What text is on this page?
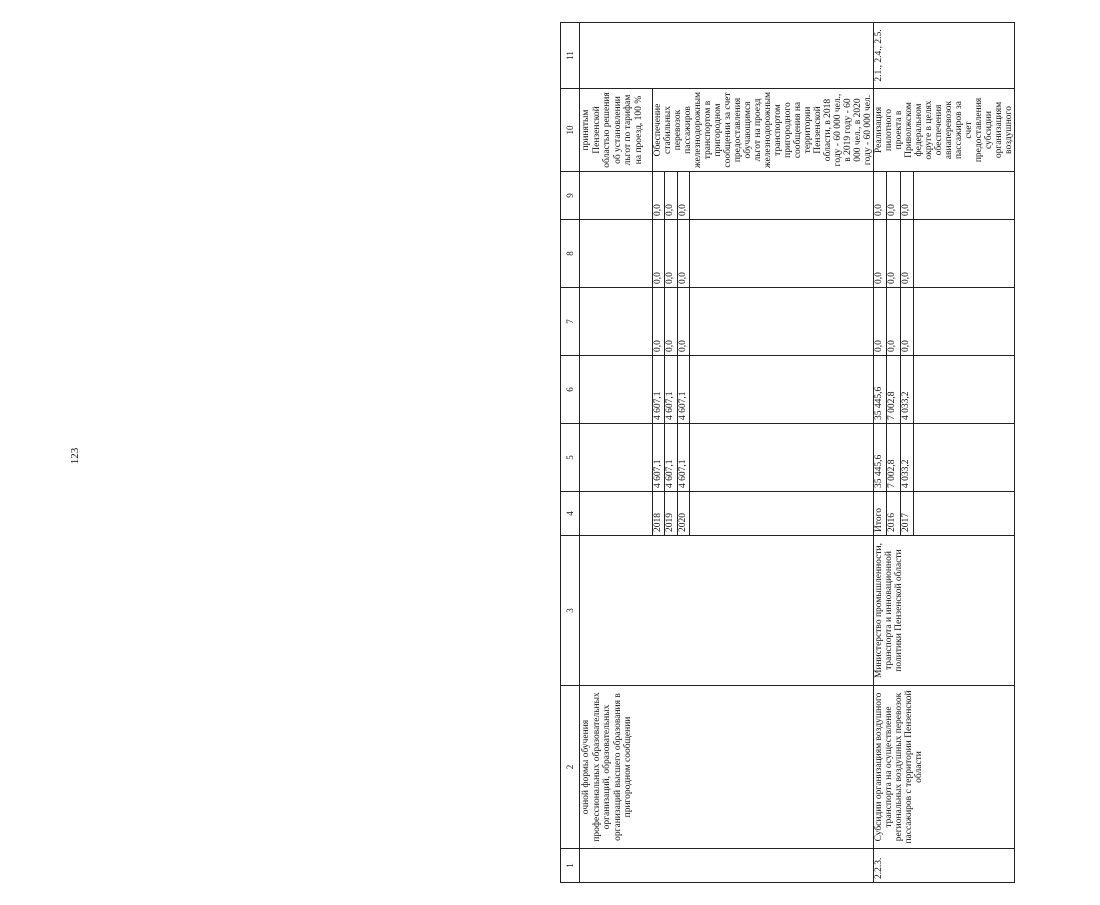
123
1	2	3	4	5	6	7	8	9	10	11
	очной формы обучения профессиональных образовательных организаций, образовательных организаций высшего образования в пригородном сообщении								принятым Пензенской областью решения об установлении льгот по тарифам на проезд, 100 %	
			2018	4 607,1	4 607,1	0,0	0,0	0,0	Обеспечение стабильных перевозок пассажиров железнодорожным транспортом в пригородном сообщении за счет предоставления обучающимся льгот на проезд железнодорожным транспортом пригородного сообщения на территории Пензенской области, в 2018 году - 60 000 чел., в 2019 году - 60 000 чел., в 2020 году - 60 000 чел.	
			2019	4 607,1	4 607,1	0,0	0,0	0,0		
			2020	4 607,1	4 607,1	0,0	0,0	0,0		

2.2.3.	Субсидии организациям воздушного транспорта на осуществление региональных воздушных перевозок пассажиров с территории Пензенской области	Министерство промышленности, транспорта и инновационной политики Пензенской области	Итого	35 445,6	35 445,6	0,0	0,0	0,0	Реализация пилотного проекта в Приволжском федеральном округе в целях обеспечения авиаперевозок пассажиров за счет предоставления субсидии организациям воздушного	2.1., 2.4., 2.5.
			2016	7 002,8	7 002,8	0,0	0,0	0,0		
			2017	4 033,2	4 033,2	0,0	0,0	0,0		
